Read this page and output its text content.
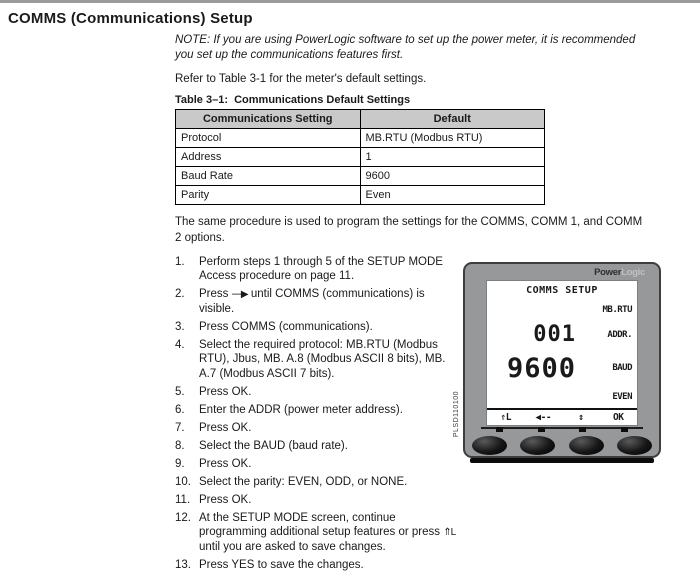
COMMS (Communications) Setup

NOTE: If you are using PowerLogic software to set up the power meter, it is recommended you set up the communications features first.

Refer to Table 3-1 for the meter's default settings.

Table 3–1:  Communications Default Settings
Communications Setting	Default
Protocol	MB.RTU (Modbus RTU)
Address	1
Baud Rate	9600
Parity	Even

The same procedure is used to program the settings for the COMMS, COMM 1, and COMM 2 options.

1.	Perform steps 1 through 5 of the SETUP MODE Access procedure on page 11.
2.	Press ----▶ until COMMS (communications) is visible.
3.	Press COMMS (communications).
4.	Select the required protocol: MB.RTU (Modbus RTU), Jbus, MB. A.8 (Modbus ASCII 8 bits), MB. A.7 (Modbus ASCII 7 bits).
5.	Press OK.
6.	Enter the ADDR (power meter address).
7.	Press OK.
8.	Select the BAUD (baud rate).
9.	Press OK.
10. Select the parity: EVEN, ODD, or NONE.
11. Press OK.
12. At the SETUP MODE screen, continue programming additional setup features or press ⇑L until you are asked to save changes.
13. Press YES to save the changes.
PLSD110100
PowerLogic
COMMS SETUP
MB.RTU
001	ADDR.
9600	BAUD
EVEN
⇑L	◀--	↕	OK
